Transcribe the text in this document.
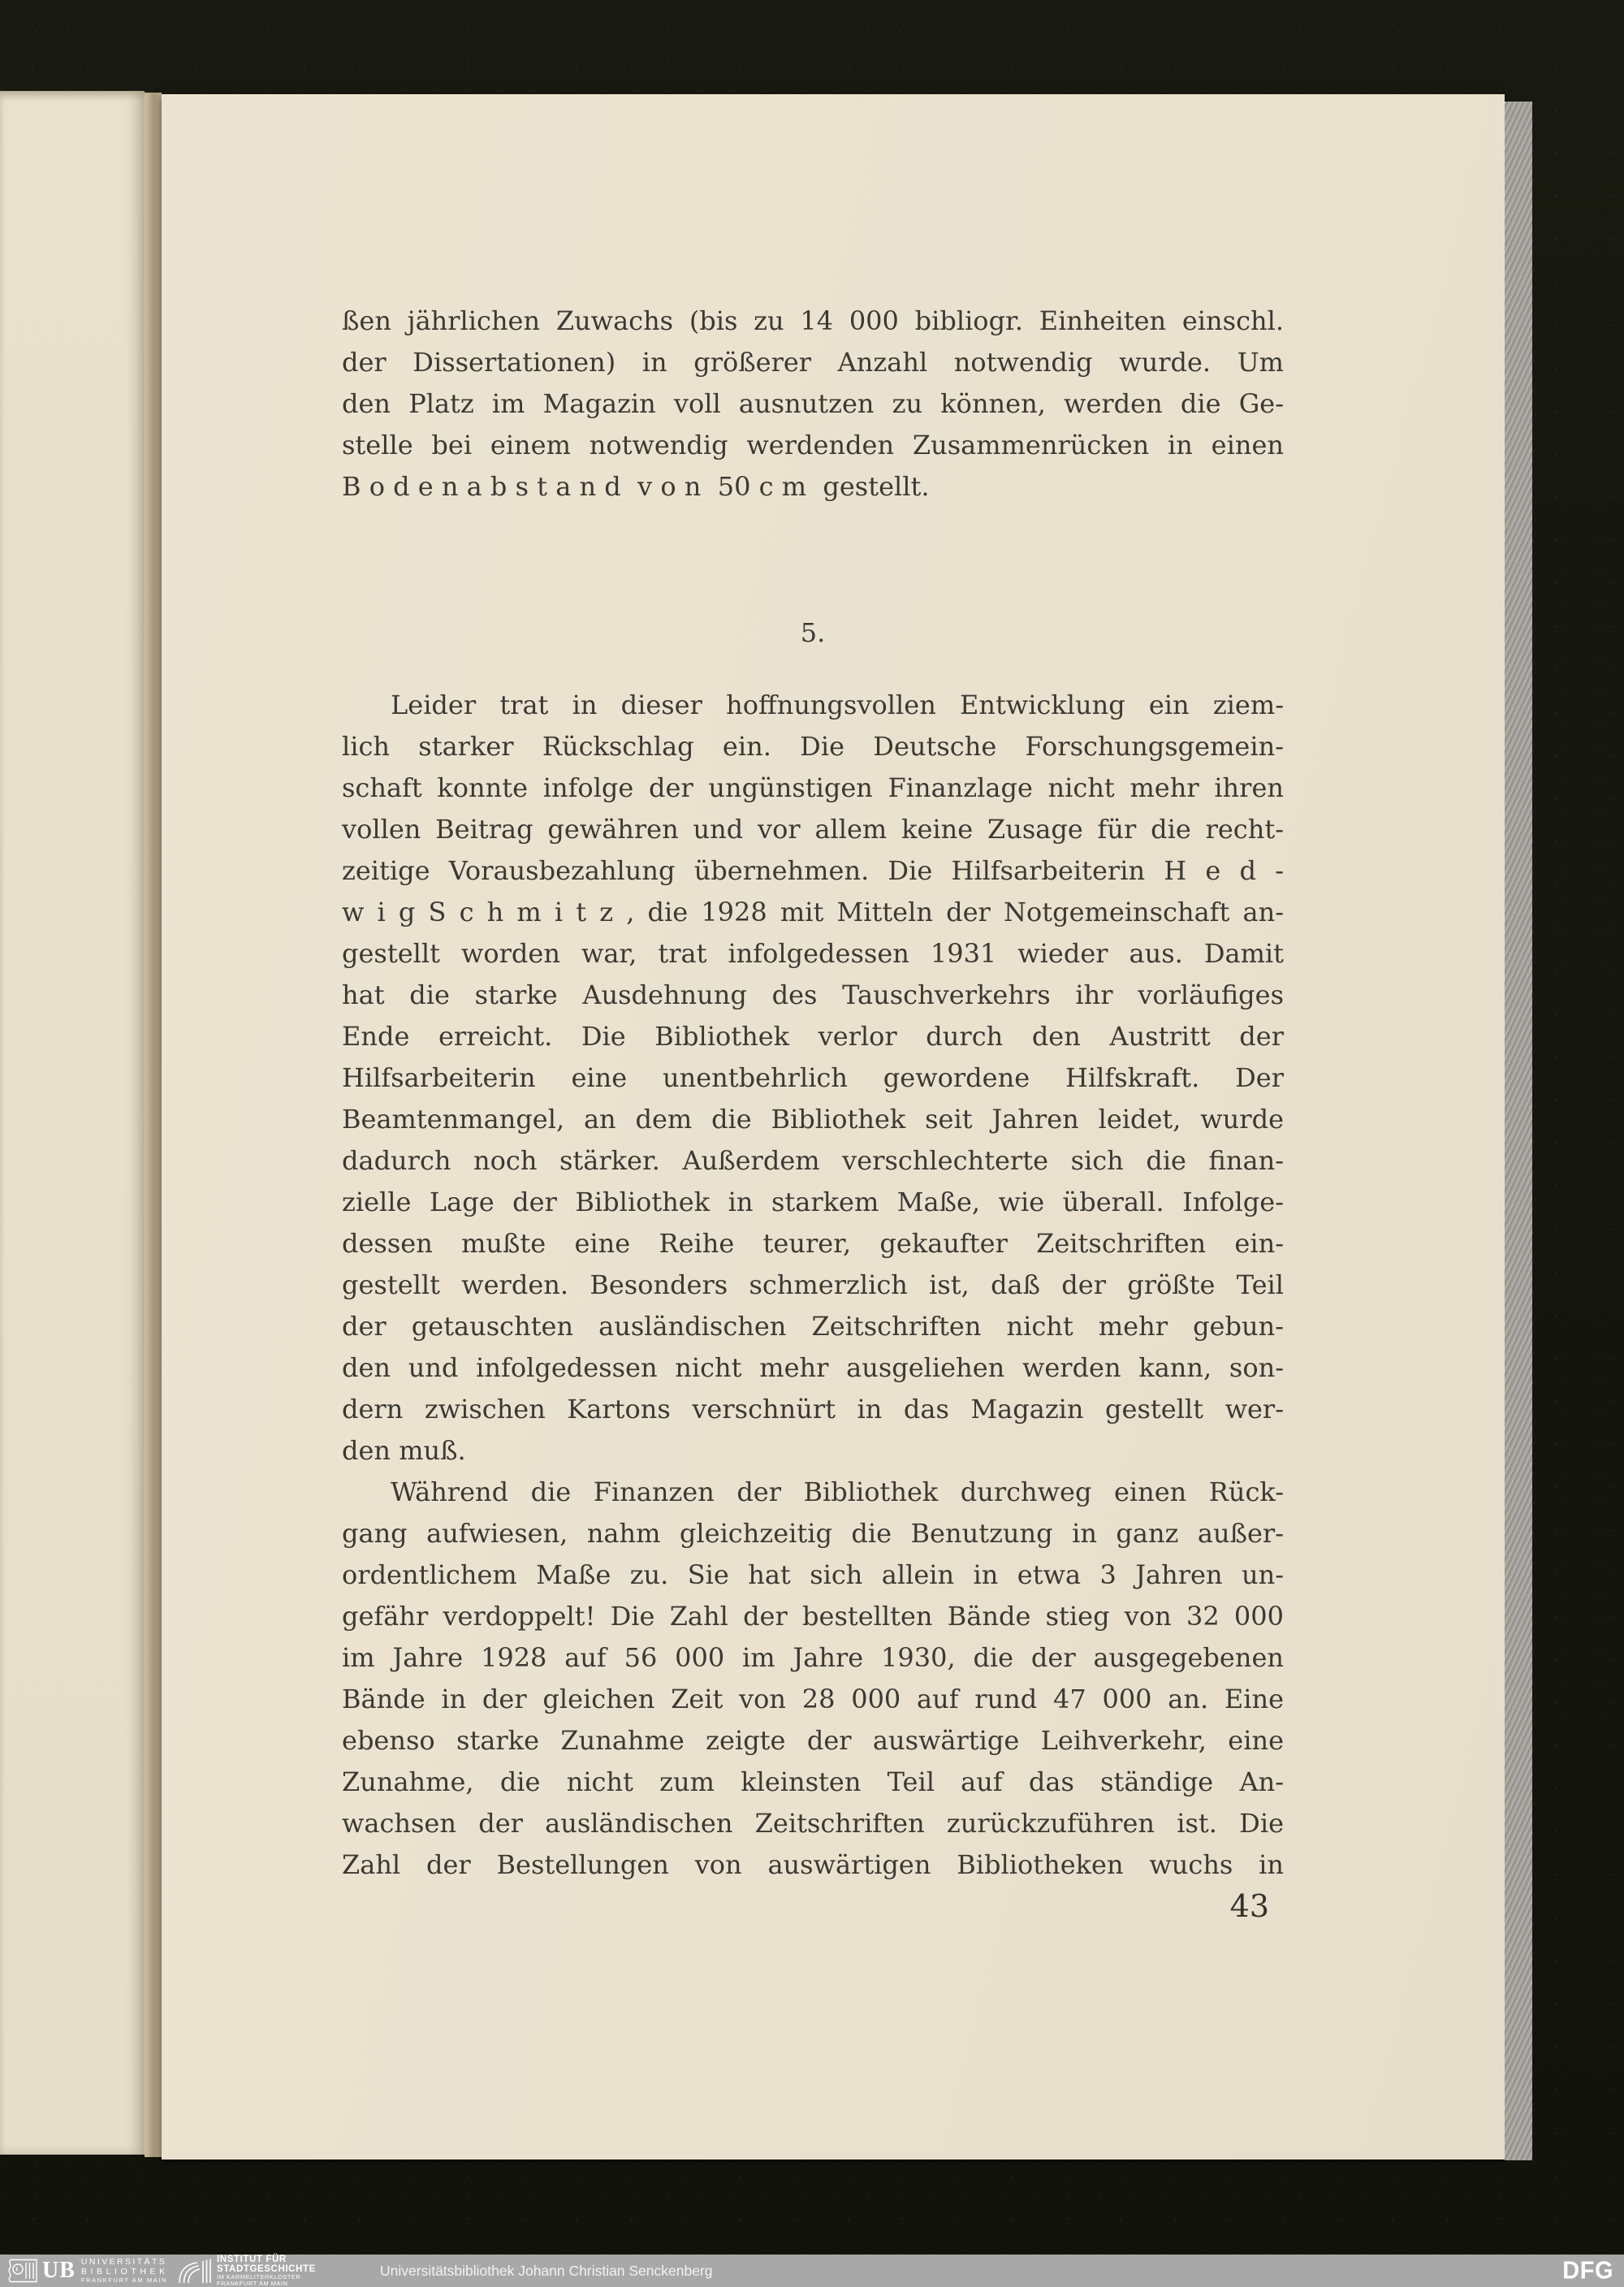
ßen jährlichen Zuwachs (bis zu 14 000 bibliogr. Einheiten einschl.
der Dissertationen) in größerer Anzahl notwendig wurde. Um
den Platz im Magazin voll ausnutzen zu können, werden die Ge-
stelle bei einem notwendig werdenden Zusammenrücken in einen
B o d e n a b s t a n d  v o n  50 c m  gestellt.
5.
Leider trat in dieser hoffnungsvollen Entwicklung ein ziem-
lich starker Rückschlag ein. Die Deutsche Forschungsgemein-
schaft konnte infolge der ungünstigen Finanzlage nicht mehr ihren
vollen Beitrag gewähren und vor allem keine Zusage für die recht-
zeitige Vorausbezahlung übernehmen. Die Hilfsarbeiterin H e d -
w i g S c h m i t z , die 1928 mit Mitteln der Notgemeinschaft an-
gestellt worden war, trat infolgedessen 1931 wieder aus. Damit
hat die starke Ausdehnung des Tauschverkehrs ihr vorläufiges
Ende erreicht. Die Bibliothek verlor durch den Austritt der
Hilfsarbeiterin eine unentbehrlich gewordene Hilfskraft. Der
Beamtenmangel, an dem die Bibliothek seit Jahren leidet, wurde
dadurch noch stärker. Außerdem verschlechterte sich die finan-
zielle Lage der Bibliothek in starkem Maße, wie überall. Infolge-
dessen mußte eine Reihe teurer, gekaufter Zeitschriften ein-
gestellt werden. Besonders schmerzlich ist, daß der größte Teil
der getauschten ausländischen Zeitschriften nicht mehr gebun-
den und infolgedessen nicht mehr ausgeliehen werden kann, son-
dern zwischen Kartons verschnürt in das Magazin gestellt wer-
den muß.
Während die Finanzen der Bibliothek durchweg einen Rück-
gang aufwiesen, nahm gleichzeitig die Benutzung in ganz außer-
ordentlichem Maße zu. Sie hat sich allein in etwa 3 Jahren un-
gefähr verdoppelt! Die Zahl der bestellten Bände stieg von 32 000
im Jahre 1928 auf 56 000 im Jahre 1930, die der ausgegebenen
Bände in der gleichen Zeit von 28 000 auf rund 47 000 an. Eine
ebenso starke Zunahme zeigte der auswärtige Leihverkehr, eine
Zunahme, die nicht zum kleinsten Teil auf das ständige An-
wachsen der ausländischen Zeitschriften zurückzuführen ist. Die
Zahl der Bestellungen von auswärtigen Bibliotheken wuchs in
43
UB UNIVERSITÄTS
BIBLIOTHEK
FRANKFURT AM MAIN
INSTITUT FÜR
STADTGESCHICHTE
IM KARMELITERKLOSTER
FRANKFURT AM MAIN
Universitätsbibliothek Johann Christian Senckenberg	DFG
